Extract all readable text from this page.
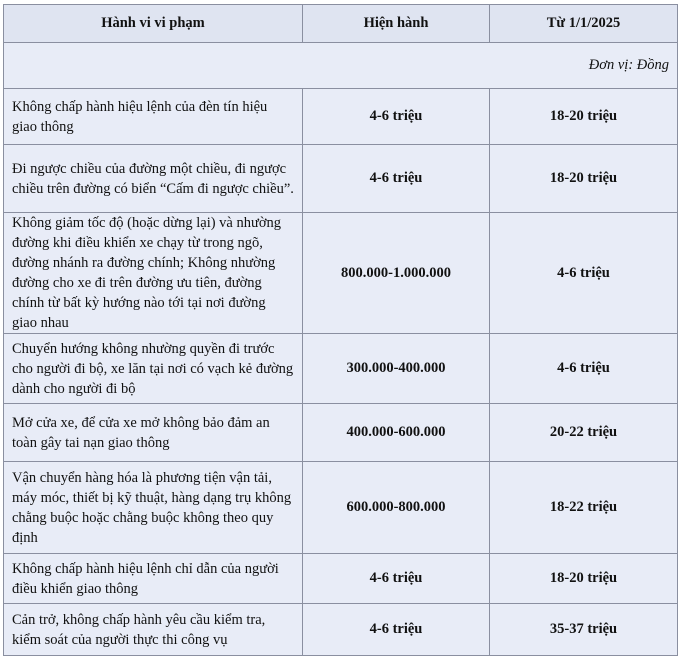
Hành vi vi phạm	Hiện hành	Từ 1/1/2025
Đơn vị: Đồng		
Không chấp hành hiệu lệnh của đèn tín hiệu giao thông	4-6 triệu	18-20 triệu
Đi ngược chiều của đường một chiều, đi ngược chiều trên đường có biển “Cấm đi ngược chiều”.	4-6 triệu	18-20 triệu
Không giảm tốc độ (hoặc dừng lại) và nhường đường khi điều khiển xe chạy từ trong ngõ, đường nhánh ra đường chính; Không nhường đường cho xe đi trên đường ưu tiên, đường chính từ bất kỳ hướng nào tới tại nơi đường giao nhau	800.000-1.000.000	4-6 triệu
Chuyển hướng không nhường quyền đi trước cho người đi bộ, xe lăn tại nơi có vạch kẻ đường dành cho người đi bộ	300.000-400.000	4-6 triệu
Mở cửa xe, để cửa xe mở không bảo đảm an toàn gây tai nạn giao thông	400.000-600.000	20-22 triệu
Vận chuyển hàng hóa là phương tiện vận tải, máy móc, thiết bị kỹ thuật, hàng dạng trụ không chằng buộc hoặc chằng buộc không theo quy định	600.000-800.000	18-22 triệu
Không chấp hành hiệu lệnh chỉ dẫn của người điều khiển giao thông	4-6 triệu	18-20 triệu
Cản trở, không chấp hành yêu cầu kiểm tra, kiểm soát của người thực thi công vụ	4-6 triệu	35-37 triệu
